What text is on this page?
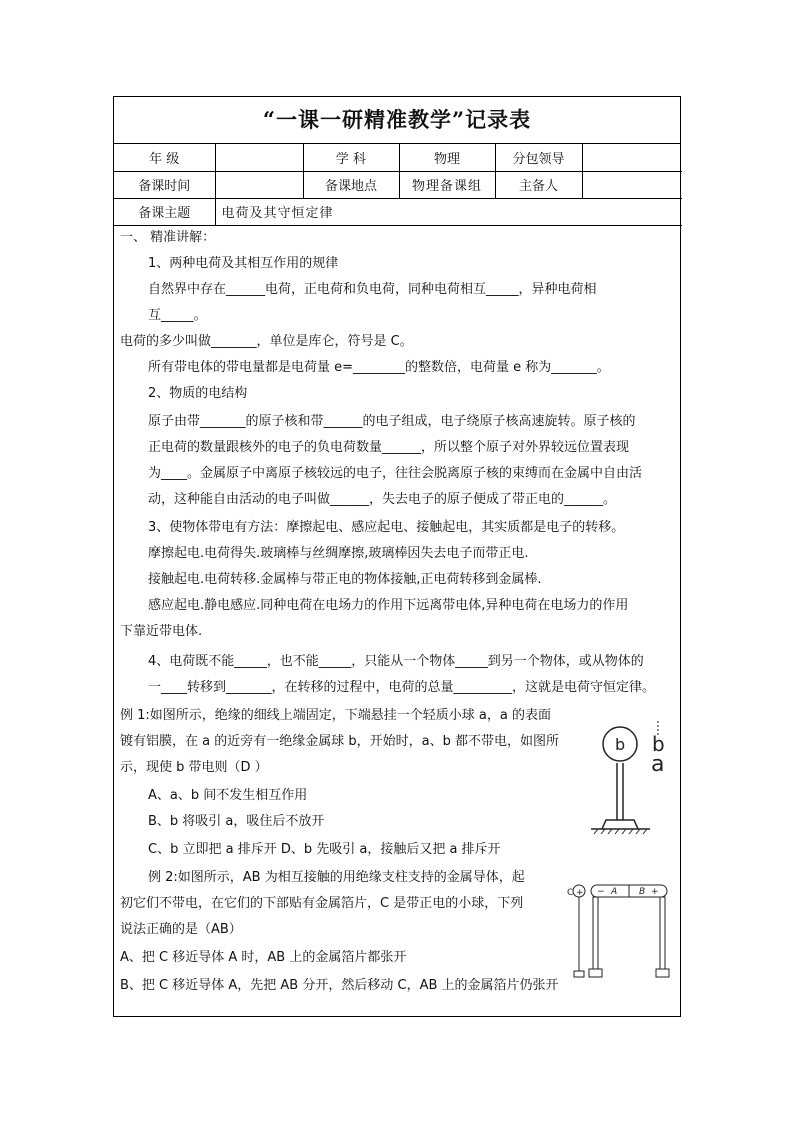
“一课一研精准教学”记录表
年 级		学 科	物理	分包领导	
备课时间		备课地点	物理备课组	主备人	
备课主题	电荷及其守恒定律				
一、 精准讲解：
1、两种电荷及其相互作用的规律
自然界中存在______电荷，正电荷和负电荷，同种电荷相互_____，异种电荷相
互_____。
电荷的多少叫做_______，单位是库仑，符号是 C。
所有带电体的带电量都是电荷量 e=________的整数倍，电荷量 e 称为_______。
2、物质的电结构
原子由带_______的原子核和带______的电子组成，电子绕原子核高速旋转。原子核的
正电荷的数量跟核外的电子的负电荷数量______，所以整个原子对外界较远位置表现
为____。金属原子中离原子核较远的电子，往往会脱离原子核的束缚而在金属中自由活
动，这种能自由活动的电子叫做______，失去电子的原子便成了带正电的______。
3、使物体带电有方法：摩擦起电、感应起电、接触起电，其实质都是电子的转移。
摩擦起电.电荷得失.玻璃棒与丝绸摩擦,玻璃棒因失去电子而带正电.
接触起电.电荷转移.金属棒与带正电的物体接触,正电荷转移到金属棒.
感应起电.静电感应.同种电荷在电场力的作用下远离带电体,异种电荷在电场力的作用
下靠近带电体.
4、电荷既不能_____，也不能_____，只能从一个物体_____到另一个物体，或从物体的
一____转移到_______，在转移的过程中，电荷的总量_________，这就是电荷守恒定律。
例 1:如图所示，绝缘的细线上端固定，下端悬挂一个轻质小球 a，a 的表面
镀有铝膜，在 a 的近旁有一绝缘金属球 b，开始时，a、b 都不带电，如图所
示，现使 b 带电则（D ）
A、a、b 间不发生相互作用
B、b 将吸引 a，吸住后不放开
C、b 立即把 a 排斥开 D、b 先吸引 a，接触后又把 a 排斥开
例 2:如图所示，AB 为相互接触的用绝缘支柱支持的金属导体，起
初它们不带电，在它们的下部贴有金属箔片，C 是带正电的小球，下列
说法正确的是（AB）
A、把 C 移近导体 A 时，AB 上的金属箔片都张开
B、把 C 移近导体 A，先把 AB 分开，然后移动 C，AB 上的金属箔片仍张开
b b
a
+
C	− A B +
